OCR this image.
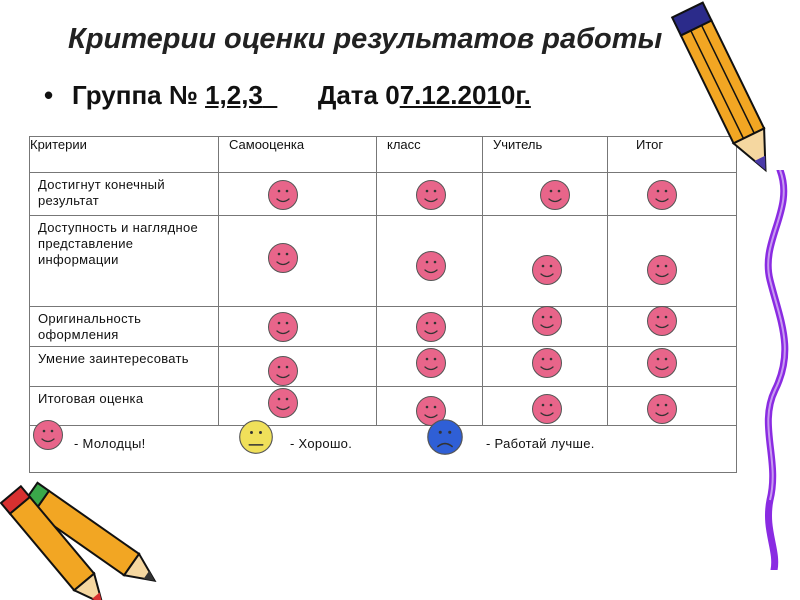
Критерии оценки результатов работы
• Группа № 1,2,3 Дата 07.12.2010г.
Критерии	Самооценка	класс	Учитель	Итог
Достигнут конечный результат	

Доступность и наглядное представление информации	

Оригинальность оформления	

Умение заинтересовать	

Итоговая оценка	

- Молодцы! - Хорошо. - Работай лучше.				
